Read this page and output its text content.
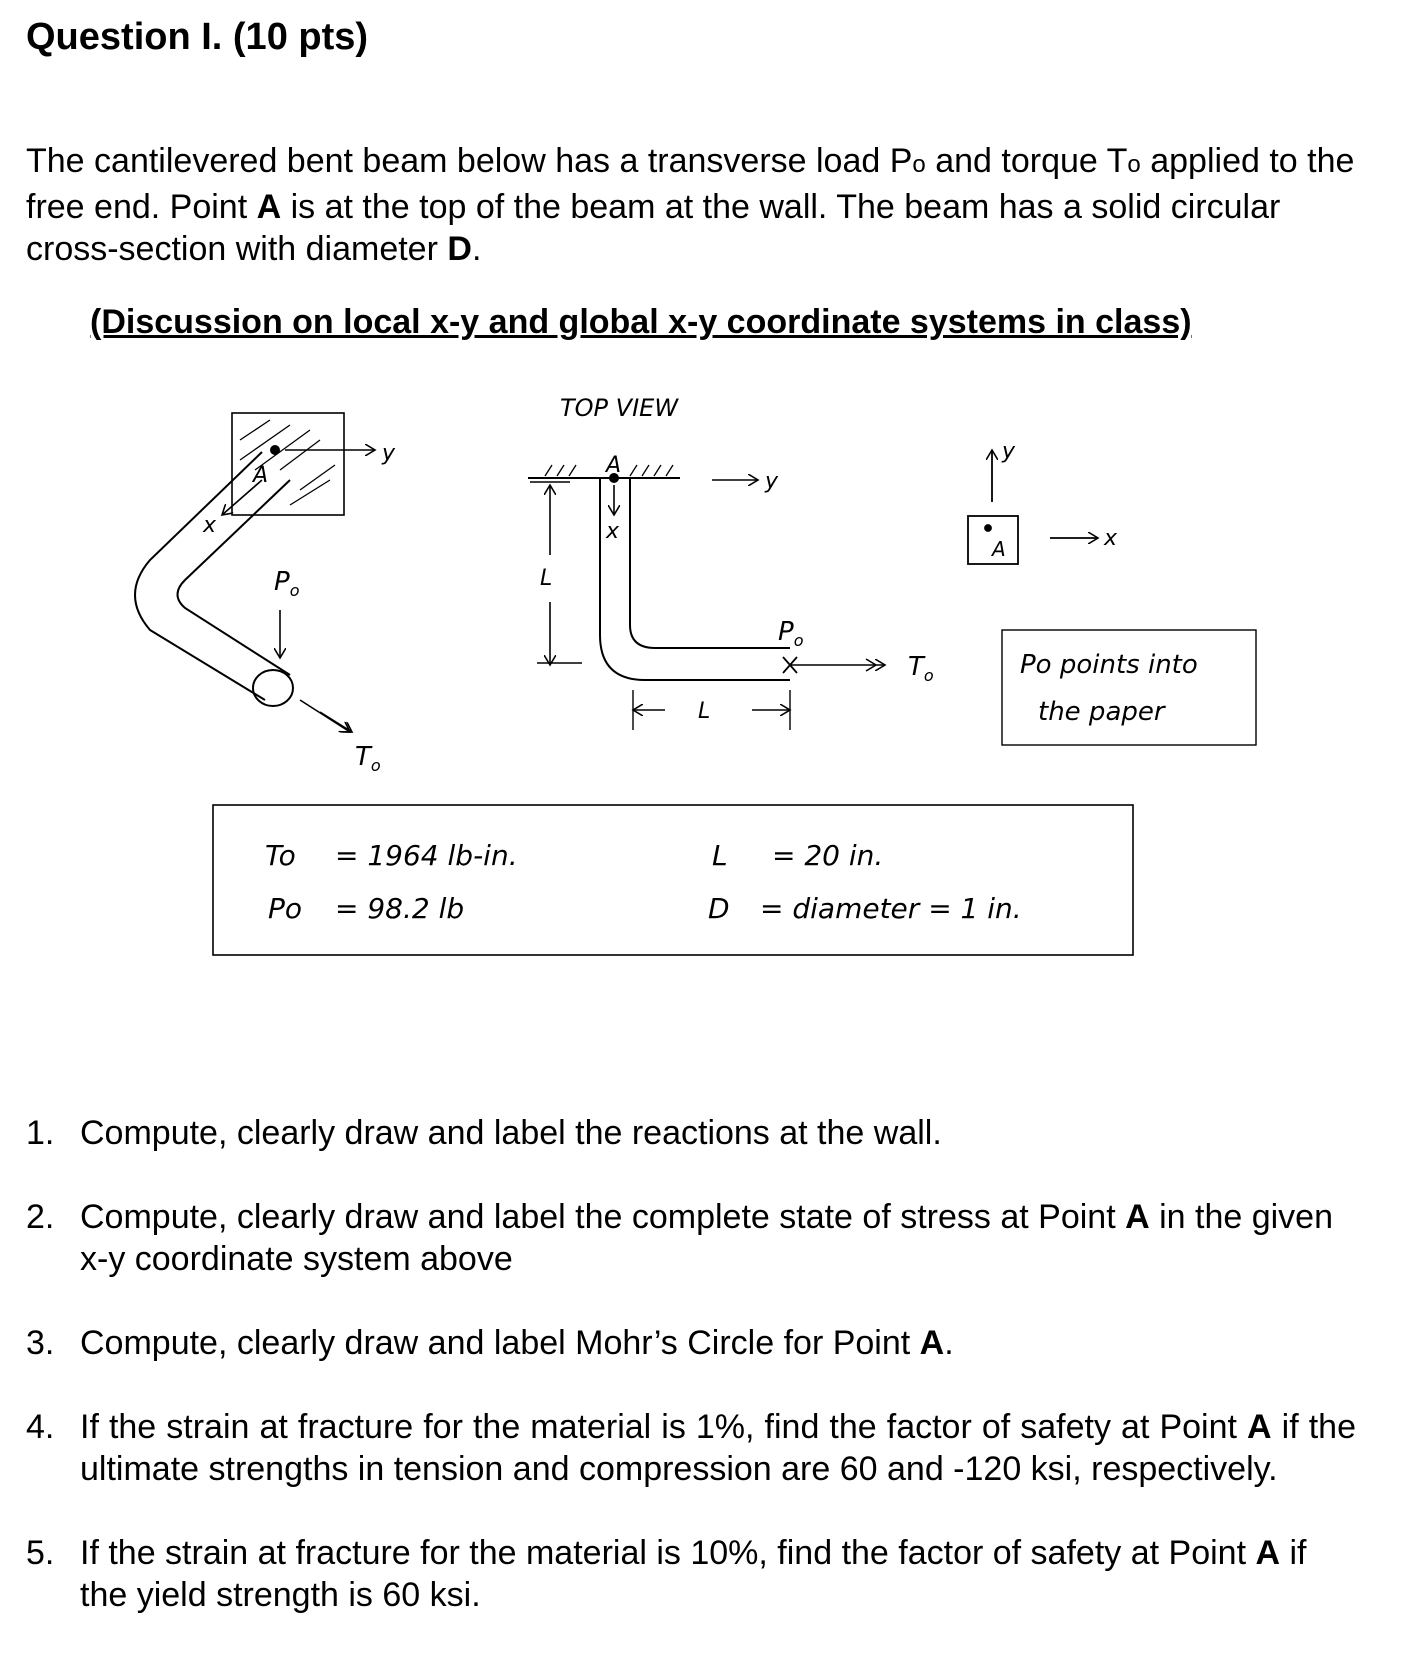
Question I. (10 pts)

The cantilevered bent beam below has a transverse load Po and torque To applied to the free end. Point A is at the top of the beam at the wall. The beam has a solid circular cross-section with diameter D.

(Discussion on local x-y and global x-y coordinate systems in class)

A
y
x
$P_o$
$T_o$
TOP VIEW
A
y
x
L
L
$P_o$
$T_o$
y
x
A
Po points into
the paper
To = 1964 lb-in.
Po = 98.2 lb
L = 20 in.
D = diameter = 1 in.
1. Compute, clearly draw and label the reactions at the wall.
2. Compute, clearly draw and label the complete state of stress at Point A in the given x-y coordinate system above
3. Compute, clearly draw and label Mohr’s Circle for Point A.
4. If the strain at fracture for the material is 1%, find the factor of safety at Point A if the ultimate strengths in tension and compression are 60 and -120 ksi, respectively.
5. If the strain at fracture for the material is 10%, find the factor of safety at Point A if the yield strength is 60 ksi.
